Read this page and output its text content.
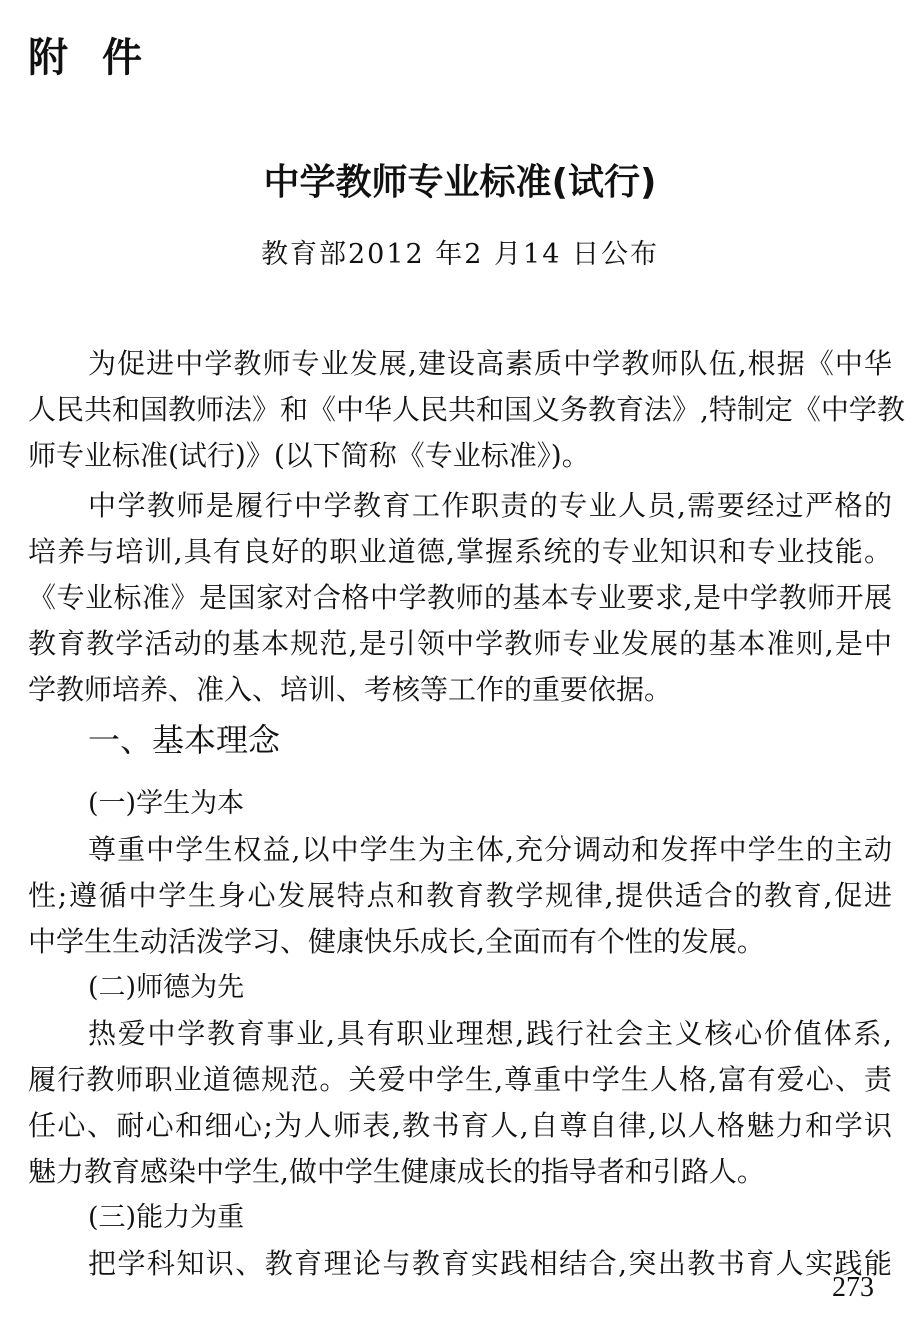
附件
中学教师专业标准(试行)
教育部2012 年2 月14 日公布
为促进中学教师专业发展,建设高素质中学教师队伍,根据《中华
人民共和国教师法》和《中华人民共和国义务教育法》,特制定《中学教
师专业标准(试行)》(以下简称《专业标准》)。
中学教师是履行中学教育工作职责的专业人员,需要经过严格的
培养与培训,具有良好的职业道德,掌握系统的专业知识和专业技能。
《专业标准》是国家对合格中学教师的基本专业要求,是中学教师开展
教育教学活动的基本规范,是引领中学教师专业发展的基本准则,是中
学教师培养、准入、培训、考核等工作的重要依据。
一、基本理念
(一)学生为本
尊重中学生权益,以中学生为主体,充分调动和发挥中学生的主动
性;遵循中学生身心发展特点和教育教学规律,提供适合的教育,促进
中学生生动活泼学习、健康快乐成长,全面而有个性的发展。
(二)师德为先
热爱中学教育事业,具有职业理想,践行社会主义核心价值体系,
履行教师职业道德规范。关爱中学生,尊重中学生人格,富有爱心、责
任心、耐心和细心;为人师表,教书育人,自尊自律,以人格魅力和学识
魅力教育感染中学生,做中学生健康成长的指导者和引路人。
(三)能力为重
把学科知识、教育理论与教育实践相结合,突出教书育人实践能
273
